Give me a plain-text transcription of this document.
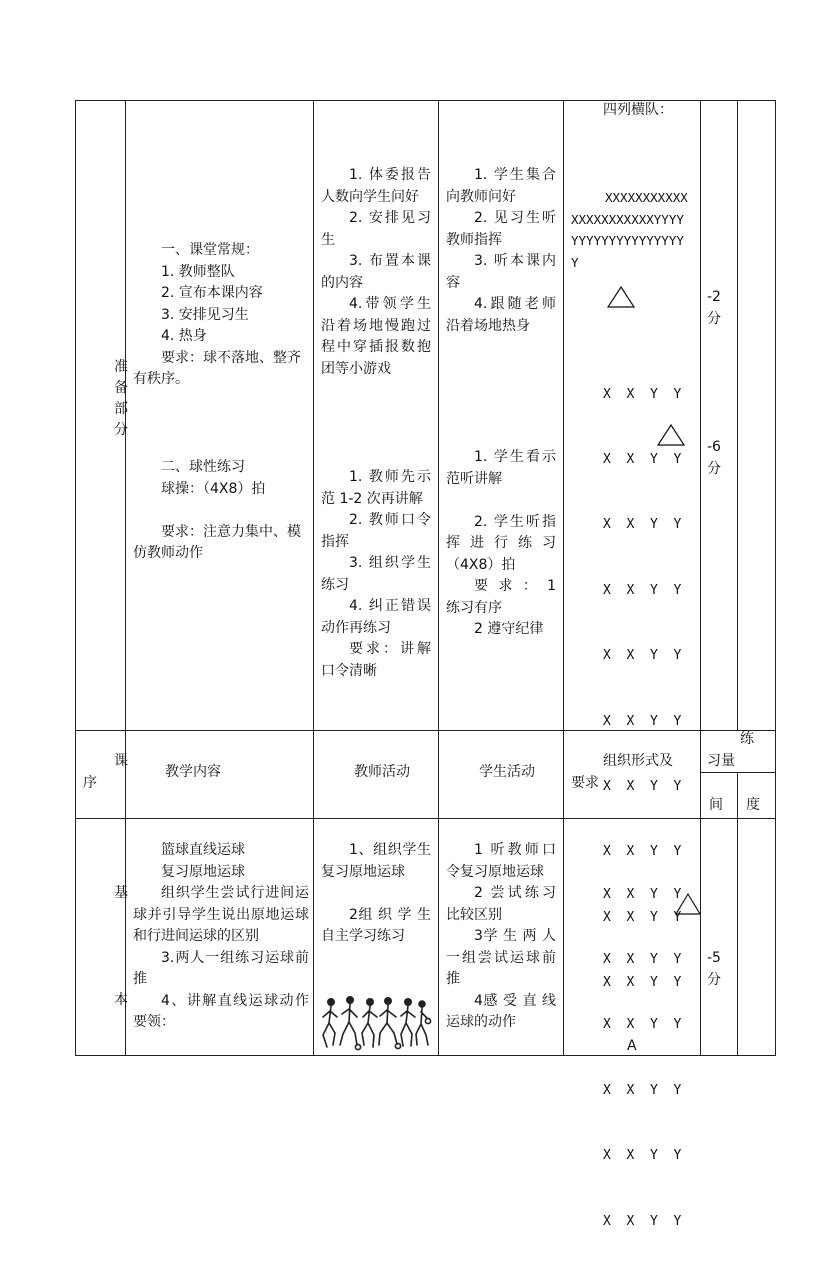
准
备
部
分

一、课堂常规：

1. 教师整队

2. 宣布本课内容

3. 安排见习生

4. 热身

要求：球不落地、整齐有秩序。

二、球性练习

球操：（4X8）拍

要求：注意力集中、模仿教师动作

1. 体委报告人数向学生问好

2. 安排见习生

3. 布置本课的内容

4.带领学生沿着场地慢跑过程中穿插报数抱团等小游戏

1. 教师先示范 1-2 次再讲解

2. 教师口令指挥

3. 组织学生练习

4. 纠正错误动作再练习

要求：讲解口令清晰

1. 学生集合向教师问好

2. 见习生听教师指挥

3. 听本课内容

4.跟随老师沿着场地热身

1. 学生看示范听讲解

2. 学生听指挥进行练习（4X8）拍

要 求 ： 1 练习有序

2 遵守纪律

四列横队：
XXXXXXXXXXXXXXXXXXXXXXYYYYYYYYYYYYYYYYYYYY

X  X  Y  Y

X  X  Y  Y

X  X  Y  Y

X  X  Y  Y

X  X  Y  Y

X  X  Y  Y

X  X  Y  Y

X  X  Y  Y

X  X  Y  Y

X  X  Y  Y

-2
分
-6
分
课
序
教学内容	教师活动	学生活动
组织形式及
要求
练
习量
间 度
基
本

篮球直线运球

复习原地运球

组织学生尝试行进间运球并引导学生说出原地运球和行进间运球的区别

3.两人一组练习运球前推

4、讲解直线运球动作要领：

1、组织学生复习原地运球

2组 织 学 生自主学习练习

1 听教师口令复习原地运球

2 尝试练习比较区别

3学 生 两 人一组尝试运球前推

4感 受 直 线运球的动作

X  X  Y  Y

X  X  Y  Y

X  X  Y  Y

X  X  Y  Y

X  X  Y  Y

X  X  Y  Y

A
-5
分
